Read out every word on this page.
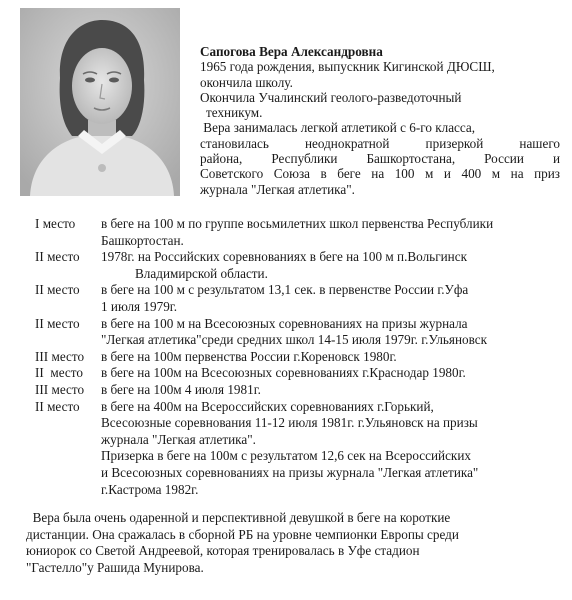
Сапогова Вера Александровна
1965 года рождения, выпускник Кигинской ДЮСШ,
окончила школу.
Окончила Учалинский геолого-разведоточный
техникум.
Вера занималась легкой атлетикой с 6-го класса,
становилась неоднократной призеркой нашего
района, Республики Башкортостана, России и
Советского Союза в беге на 100 м и 400 м на приз
журнала "Легкая атлетика".
I место	в беге на 100 м по группе восьмилетних школ первенства Республики
Башкортостан.
II место	1978г. на Российских соревнованиях в беге на 100 м п.Вольгинск
Владимирской области.
II место	в беге на 100 м с результатом 13,1 сек. в первенстве России г.Уфа
1 июля 1979г.
II место	в беге на 100 м на Всесоюзных соревнованиях на призы журнала
"Легкая атлетика"среди средних школ 14-15 июля 1979г. г.Ульяновск
III место	в беге на 100м первенства России г.Кореновск 1980г.
II  место	в беге на 100м на Всесоюзных соревнованиях г.Краснодар 1980г.
III место	в беге на 100м 4 июля 1981г.
II место	в беге на 400м на Всероссийских соревнованиях г.Горький,
Всесоюзные соревнования 11-12 июля 1981г. г.Ульяновск на призы
журнала "Легкая атлетика".
Призерка в беге на 100м с результатом 12,6 сек на Всероссийских
и Всесоюзных соревнованиях на призы журнала "Легкая атлетика"
г.Кастрома 1982г.
Вера была очень одаренной и перспективной девушкой в беге на короткие
дистанции. Она сражалась в сборной РБ на уровне чемпионки Европы среди
юниорок со Светой Андреевой, которая тренировалась в Уфе стадион
"Гастелло"у Рашида Мунирова.
